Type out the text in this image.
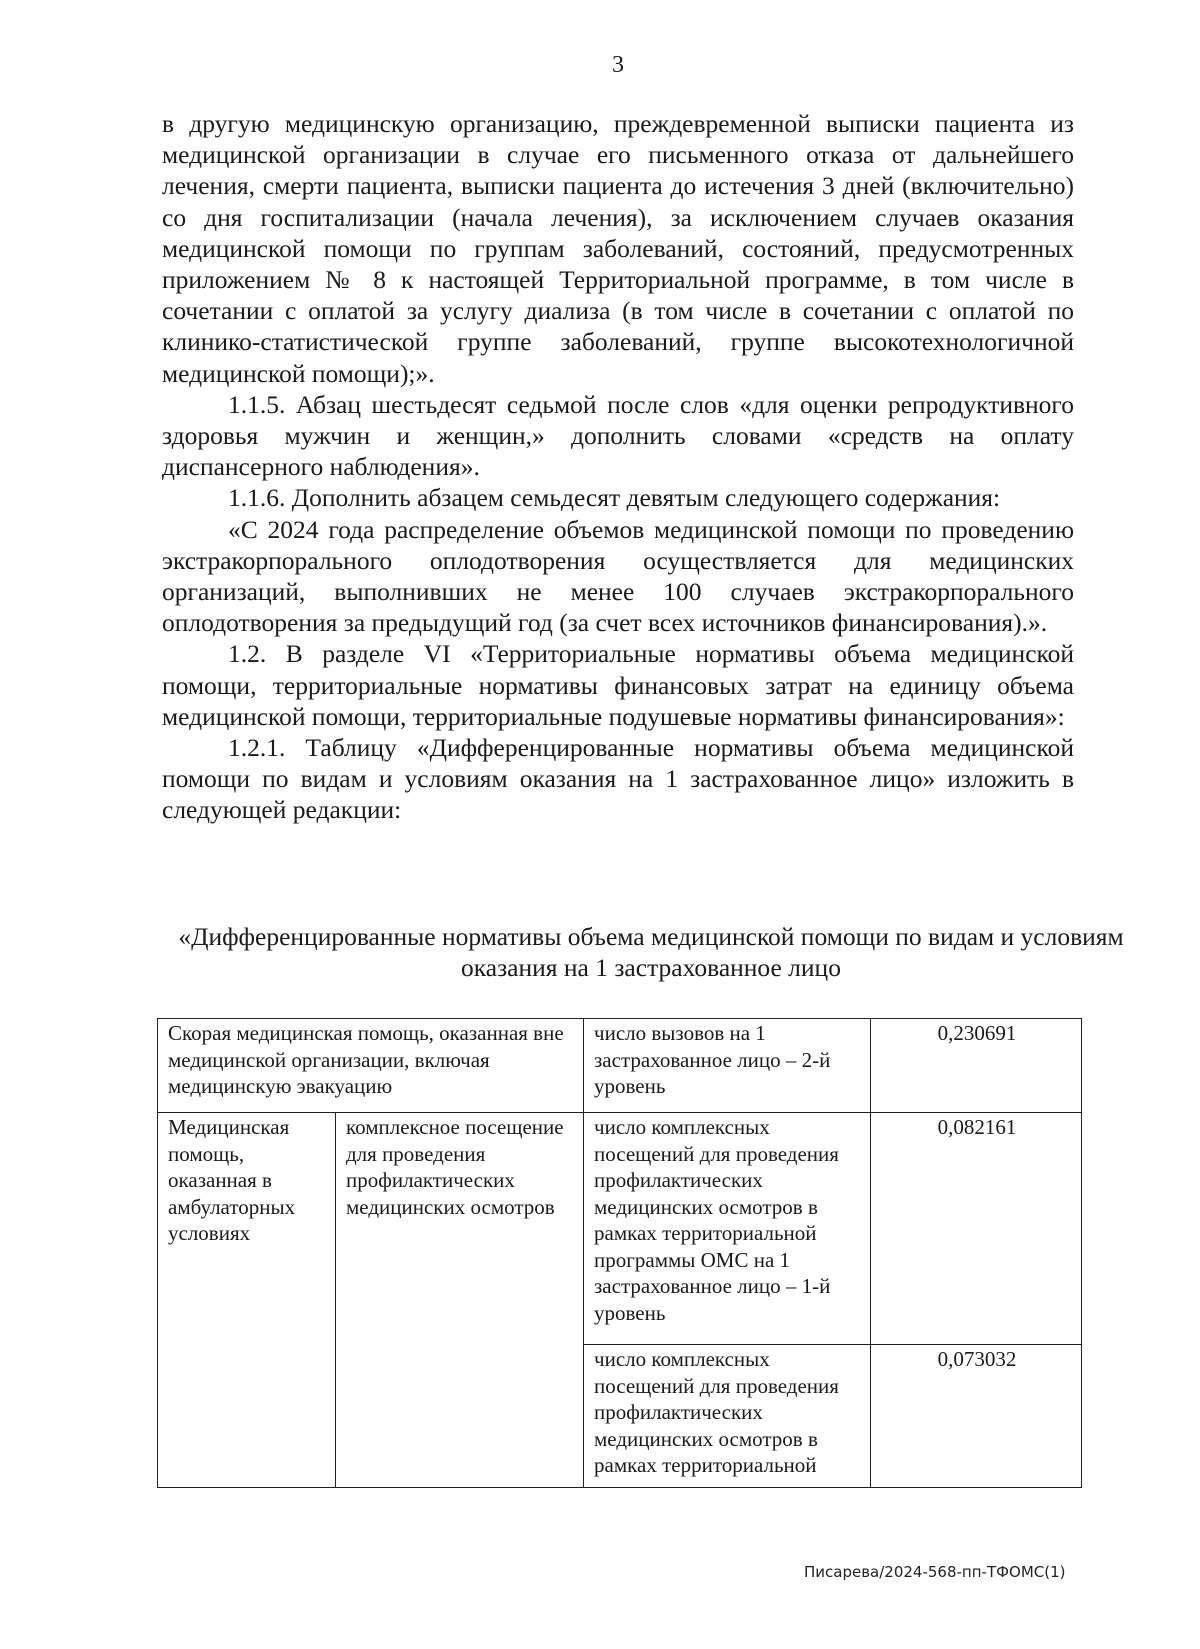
3

в другую медицинскую организацию, преждевременной выписки пациента из медицинской организации в случае его письменного отказа от дальнейшего лечения, смерти пациента, выписки пациента до истечения 3 дней (включительно) со дня госпитализации (начала лечения), за исключением случаев оказания медицинской помощи по группам заболеваний, состояний, предусмотренных приложением № 8 к настоящей Территориальной программе, в том числе в сочетании с оплатой за услугу диализа (в том числе в сочетании с оплатой по клинико-статистической группе заболеваний, группе высокотехнологичной медицинской помощи);».

1.1.5. Абзац шестьдесят седьмой после слов «для оценки репродуктивного здоровья мужчин и женщин,» дополнить словами «средств на оплату диспансерного наблюдения».

1.1.6. Дополнить абзацем семьдесят девятым следующего содержания:

«С 2024 года распределение объемов медицинской помощи по проведению экстракорпорального оплодотворения осуществляется для медицинских организаций, выполнивших не менее 100 случаев экстракорпорального оплодотворения за предыдущий год (за счет всех источников финансирования).».

1.2. В разделе VI «Территориальные нормативы объема медицинской помощи, территориальные нормативы финансовых затрат на единицу объема медицинской помощи, территориальные подушевые нормативы финансирования»:

1.2.1. Таблицу «Дифференцированные нормативы объема медицинской помощи по видам и условиям оказания на 1 застрахованное лицо» изложить в следующей редакции:

«Дифференцированные нормативы объема медицинской помощи по видам и условиям оказания на 1 застрахованное лицо
Скорая медицинская помощь, оказанная вне медицинской организации, включая медицинскую эвакуацию		число вызовов на 1 застрахованное лицо – 2-й уровень	0,230691
Медицинская помощь, оказанная в амбулаторных условиях	комплексное посещение для проведения профилактических медицинских осмотров	число комплексных посещений для проведения профилактических медицинских осмотров в рамках территориальной программы ОМС на 1 застрахованное лицо – 1-й уровень	0,082161
		число комплексных посещений для проведения профилактических медицинских осмотров в рамках территориальной	0,073032
Писарева/2024-568-пп-ТФОМС(1)
